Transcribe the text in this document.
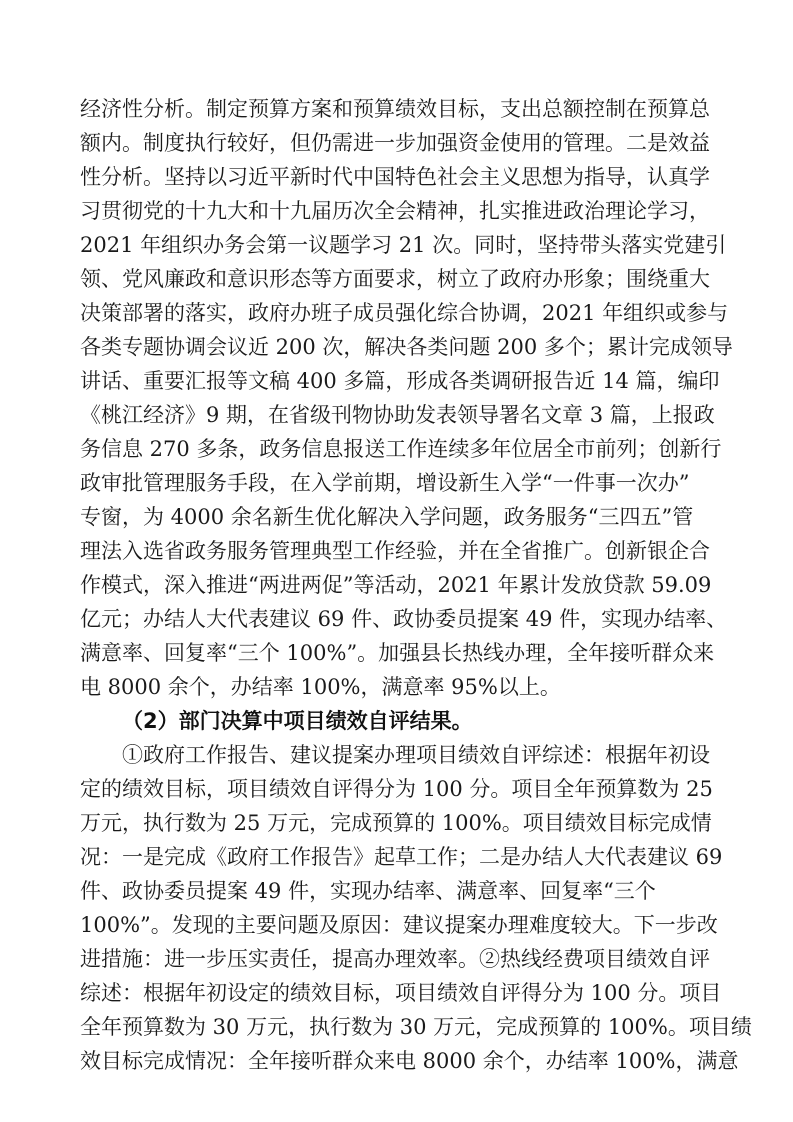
经济性分析。制定预算方案和预算绩效目标，支出总额控制在预算总
额内。制度执行较好，但仍需进一步加强资金使用的管理。二是效益
性分析。坚持以习近平新时代中国特色社会主义思想为指导，认真学
习贯彻党的十九大和十九届历次全会精神，扎实推进政治理论学习，
2021 年组织办务会第一议题学习 21 次。同时，坚持带头落实党建引
领、党风廉政和意识形态等方面要求，树立了政府办形象；围绕重大
决策部署的落实，政府办班子成员强化综合协调，2021 年组织或参与
各类专题协调会议近 200 次，解决各类问题 200 多个；累计完成领导
讲话、重要汇报等文稿 400 多篇，形成各类调研报告近 14 篇，编印
《桃江经济》9 期，在省级刊物协助发表领导署名文章 3 篇，上报政
务信息 270 多条，政务信息报送工作连续多年位居全市前列；创新行
政审批管理服务手段，在入学前期，增设新生入学“一件事一次办”
专窗，为 4000 余名新生优化解决入学问题，政务服务“三四五”管
理法入选省政务服务管理典型工作经验，并在全省推广。创新银企合
作模式，深入推进“两进两促”等活动，2021 年累计发放贷款 59.09
亿元；办结人大代表建议 69 件、政协委员提案 49 件，实现办结率、
满意率、回复率“三个 100%”。加强县长热线办理，全年接听群众来
电 8000 余个，办结率 100%，满意率 95%以上。
（2）部门决算中项目绩效自评结果。
①政府工作报告、建议提案办理项目绩效自评综述：根据年初设
定的绩效目标，项目绩效自评得分为 100 分。项目全年预算数为 25
万元，执行数为 25 万元，完成预算的 100%。项目绩效目标完成情
况：一是完成《政府工作报告》起草工作；二是办结人大代表建议 69
件、政协委员提案 49 件，实现办结率、满意率、回复率“三个
100%”。发现的主要问题及原因：建议提案办理难度较大。下一步改
进措施：进一步压实责任，提高办理效率。②热线经费项目绩效自评
综述：根据年初设定的绩效目标，项目绩效自评得分为 100 分。项目
全年预算数为 30 万元，执行数为 30 万元，完成预算的 100%。项目绩
效目标完成情况：全年接听群众来电 8000 余个，办结率 100%，满意
